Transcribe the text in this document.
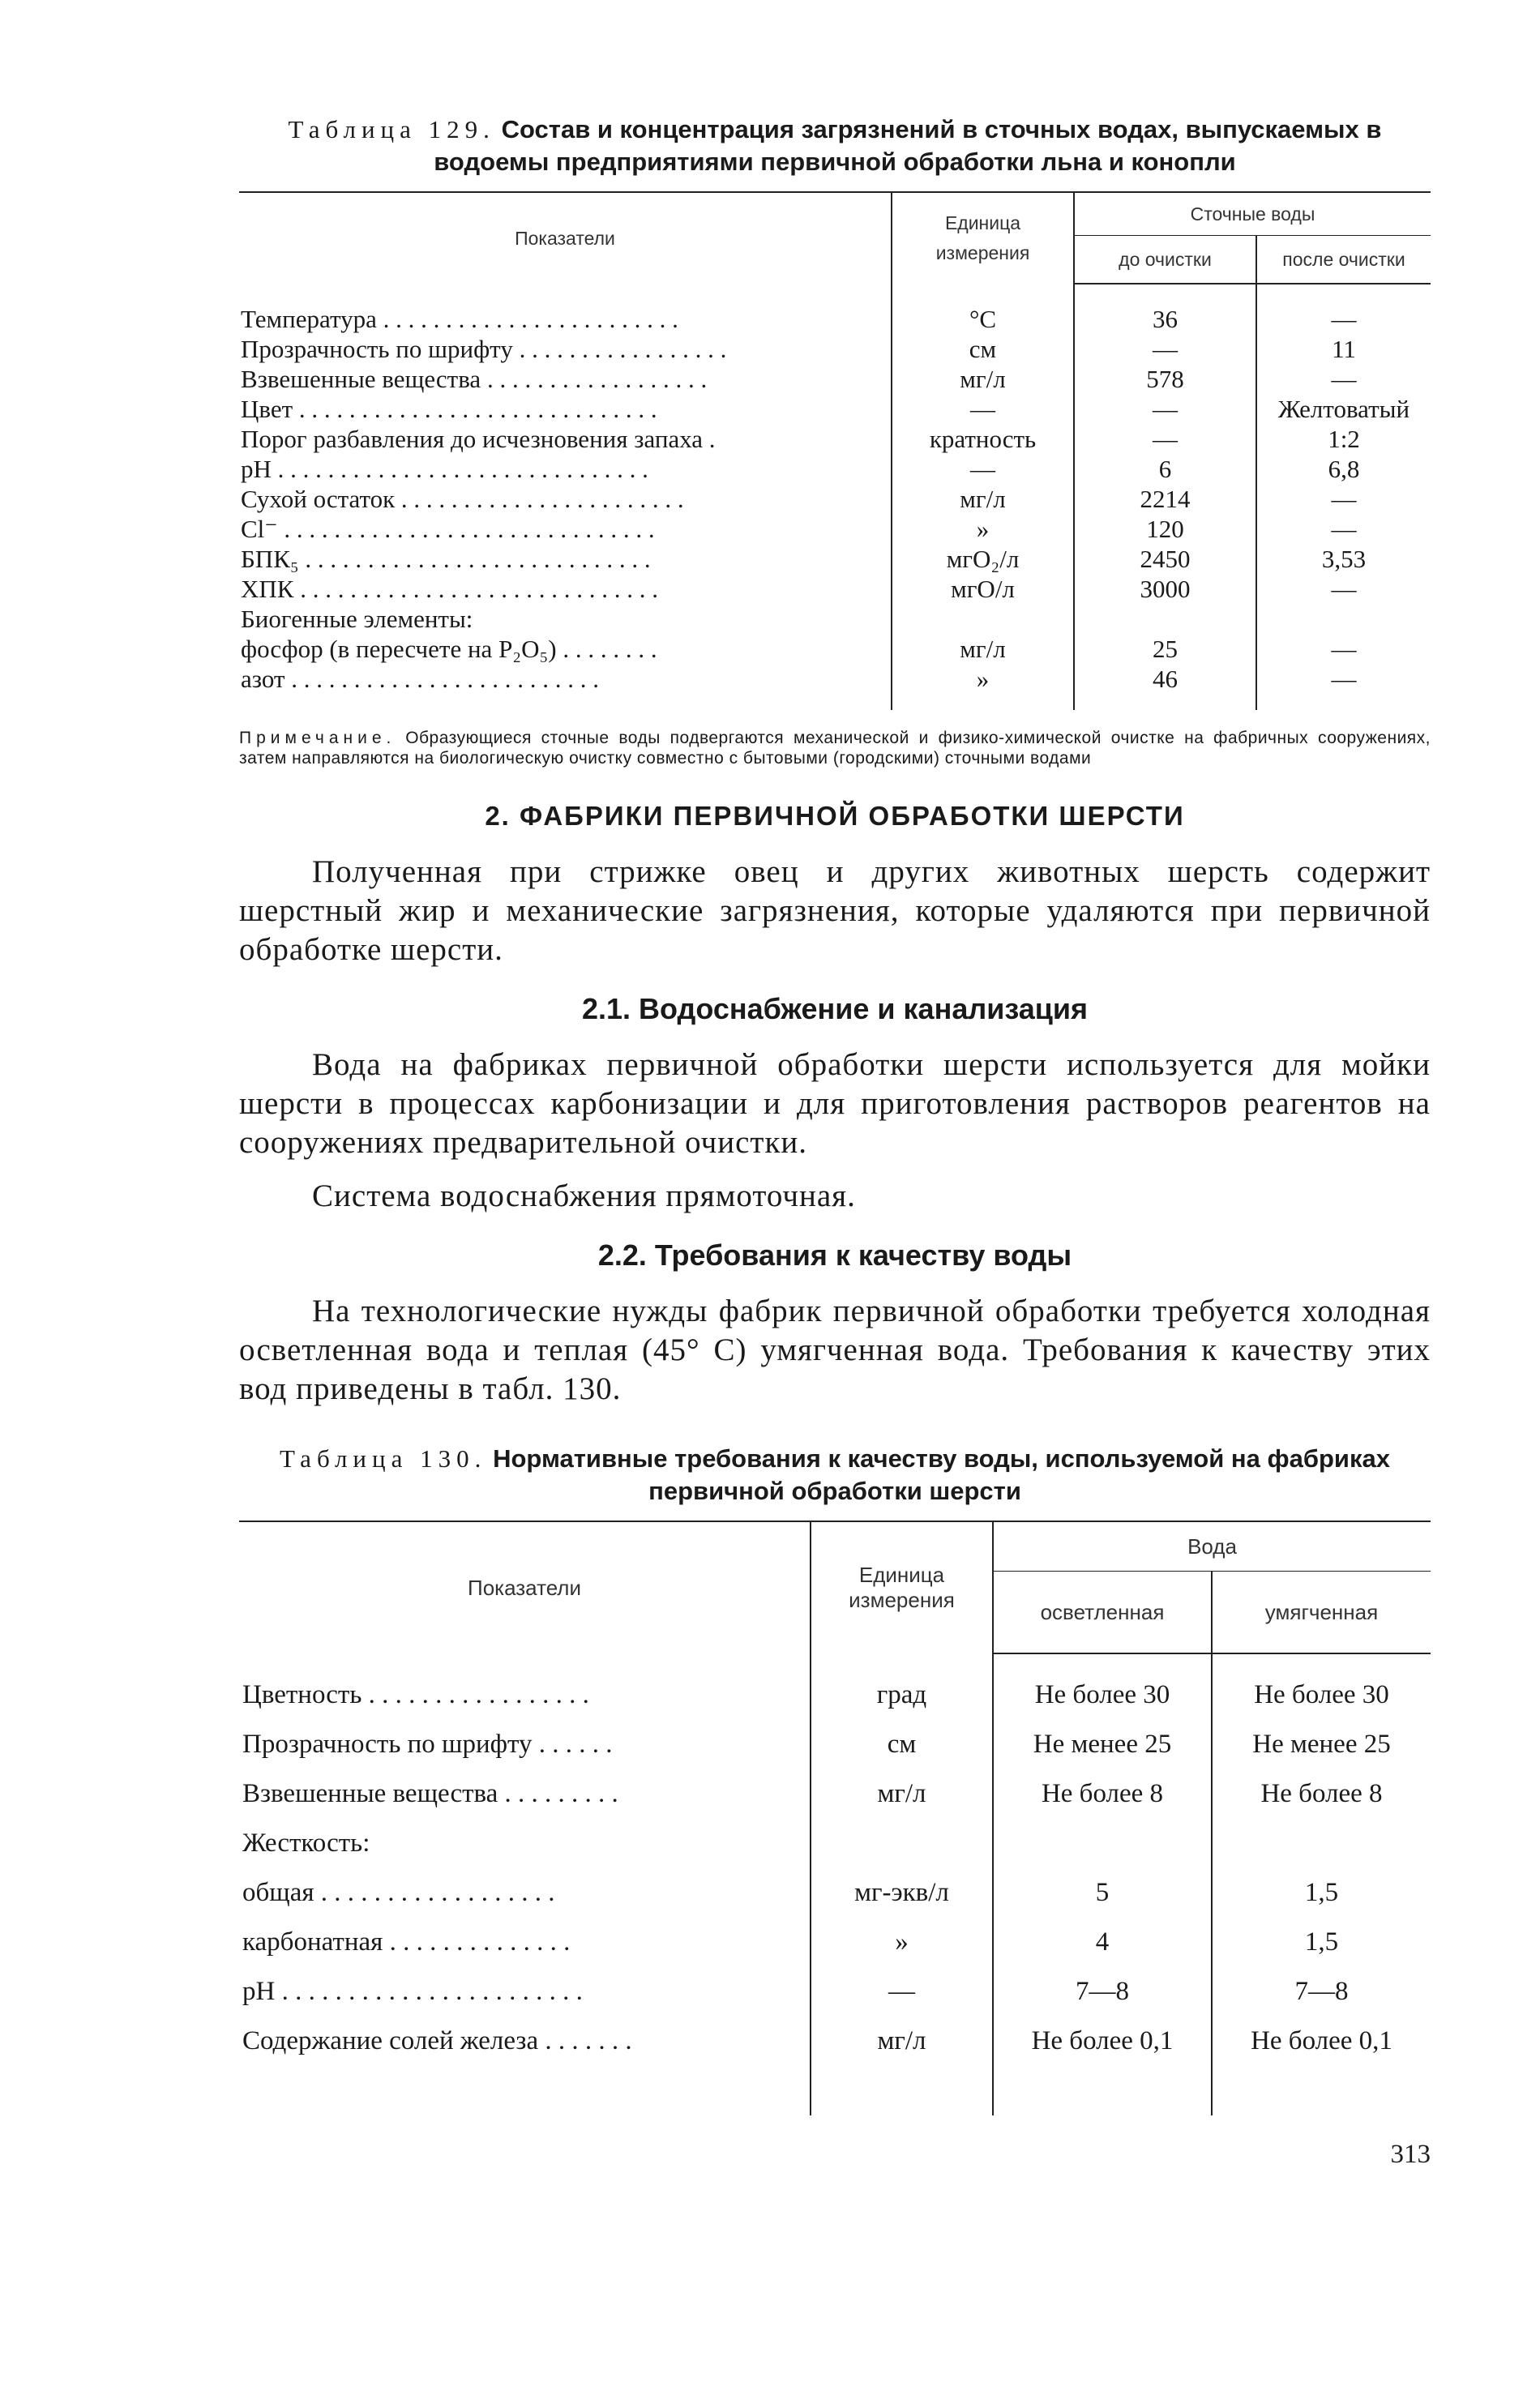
Таблица 129. Состав и концентрация загрязнений в сточных водах, выпускаемых в водоемы предприятиями первичной обработки льна и конопли
Показатели	Единица измерения	Сточные воды	
		до очистки	после очистки
Температура . . . . . . . . . . . . . . . . . . . . . . . .	°C	36	—
Прозрачность по шрифту . . . . . . . . . . . . . . . . .	см	—	11
Взвешенные вещества . . . . . . . . . . . . . . . . . .	мг/л	578	—
Цвет . . . . . . . . . . . . . . . . . . . . . . . . . . . . .	—	—	Желтоватый
Порог разбавления до исчезновения запаха .	кратность	—	1:2
pH . . . . . . . . . . . . . . . . . . . . . . . . . . . . . .	—	6	6,8
Сухой остаток . . . . . . . . . . . . . . . . . . . . . . .	мг/л	2214	—
Cl⁻ . . . . . . . . . . . . . . . . . . . . . . . . . . . . . .	»	120	—
БПК₅ . . . . . . . . . . . . . . . . . . . . . . . . . . . .	мгО₂/л	2450	3,53
ХПК . . . . . . . . . . . . . . . . . . . . . . . . . . . . .	мгО/л	3000	—
Биогенные элементы:			
фосфор (в пересчете на P₂O₅) . . . . . . . .	мг/л	25	—
азот . . . . . . . . . . . . . . . . . . . . . . . . .	»	46	—

Примечание. Образующиеся сточные воды подвергаются механической и физико-химической очистке на фабричных сооружениях, затем направляются на биологическую очистку совместно с бытовыми (городскими) сточными водами

2. ФАБРИКИ ПЕРВИЧНОЙ ОБРАБОТКИ ШЕРСТИ

Полученная при стрижке овец и других животных шерсть содержит шерстный жир и механические загрязнения, которые удаляются при первичной обработке шерсти.

2.1. Водоснабжение и канализация

Вода на фабриках первичной обработки шерсти используется для мойки шерсти в процессах карбонизации и для приготовления растворов реагентов на сооружениях предварительной очистки.

Система водоснабжения прямоточная.

2.2. Требования к качеству воды

На технологические нужды фабрик первичной обработки требуется холодная осветленная вода и теплая (45° С) умягченная вода. Требования к качеству этих вод приведены в табл. 130.

Таблица 130. Нормативные требования к качеству воды, используемой на фабриках первичной обработки шерсти
Показатели	Единица измерения	Вода	
		осветленная	умягченная
Цветность . . . . . . . . . . . . . . . . .	град	Не более 30	Не более 30
Прозрачность по шрифту . . . . . .	см	Не менее 25	Не менее 25
Взвешенные вещества . . . . . . . . .	мг/л	Не более 8	Не более 8
Жесткость:			
общая . . . . . . . . . . . . . . . . . .	мг-экв/л	5	1,5
карбонатная . . . . . . . . . . . . . .	»	4	1,5
pH . . . . . . . . . . . . . . . . . . . . . . .	—	7—8	7—8
Содержание солей железа . . . . . . .	мг/л	Не более 0,1	Не более 0,1

313
